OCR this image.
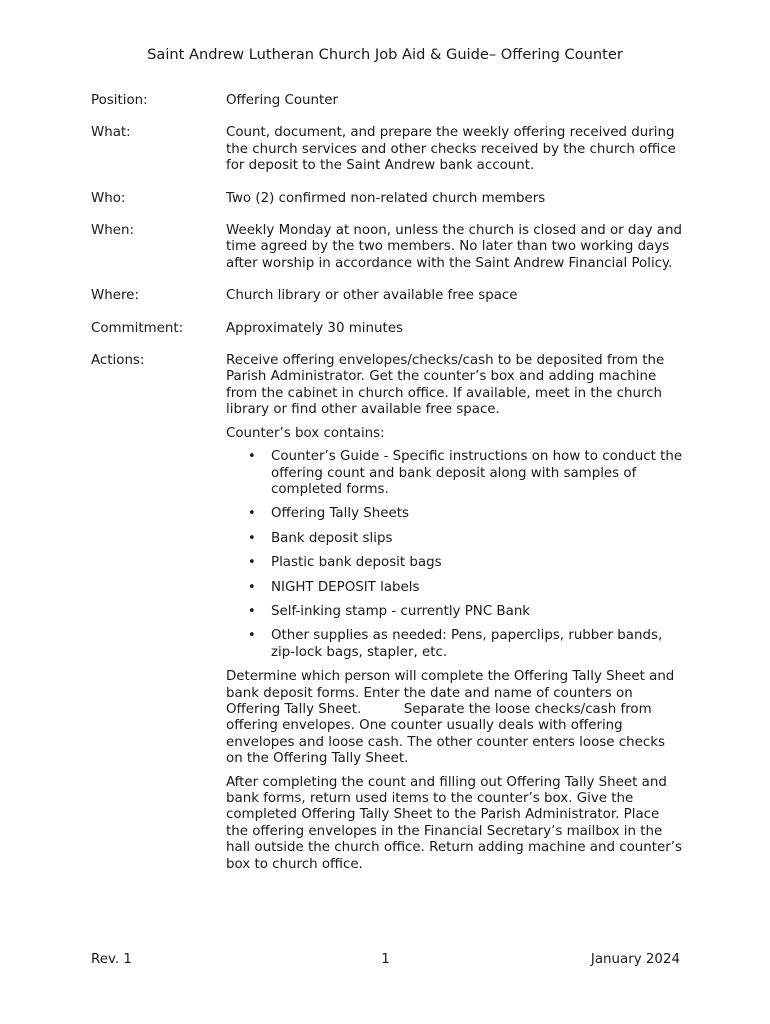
Saint Andrew Lutheran Church Job Aid & Guide– Offering Counter
Position:	Offering Counter
What:	Count, document, and prepare the weekly offering received during the church services and other checks received by the church office for deposit to the Saint Andrew bank account.
Who:	Two (2) confirmed non-related church members
When:	Weekly Monday at noon, unless the church is closed and or day and time agreed by the two members. No later than two working days after worship in accordance with the Saint Andrew Financial Policy.
Where:	Church library or other available free space
Commitment:	Approximately 30 minutes
Actions:	Receive offering envelopes/checks/cash to be deposited from the Parish Administrator. Get the counter’s box and adding machine from the cabinet in church office. If available, meet in the church library or find other available free space.

Counter’s box contains:

• Counter’s Guide - Specific instructions on how to conduct the offering count and bank deposit along with samples of completed forms.
• Offering Tally Sheets
• Bank deposit slips
• Plastic bank deposit bags
• NIGHT DEPOSIT labels
• Self-inking stamp - currently PNC Bank
• Other supplies as needed: Pens, paperclips, rubber bands, zip-lock bags, stapler, etc.

Determine which person will complete the Offering Tally Sheet and bank deposit forms. Enter the date and name of counters on Offering Tally Sheet.          Separate the loose checks/cash from offering envelopes. One counter usually deals with offering envelopes and loose cash. The other counter enters loose checks on the Offering Tally Sheet.

After completing the count and filling out Offering Tally Sheet and bank forms, return used items to the counter’s box. Give the completed Offering Tally Sheet to the Parish Administrator. Place the offering envelopes in the Financial Secretary’s mailbox in the hall outside the church office. Return adding machine and counter’s box to church office.

Rev. 1	1	January 2024
